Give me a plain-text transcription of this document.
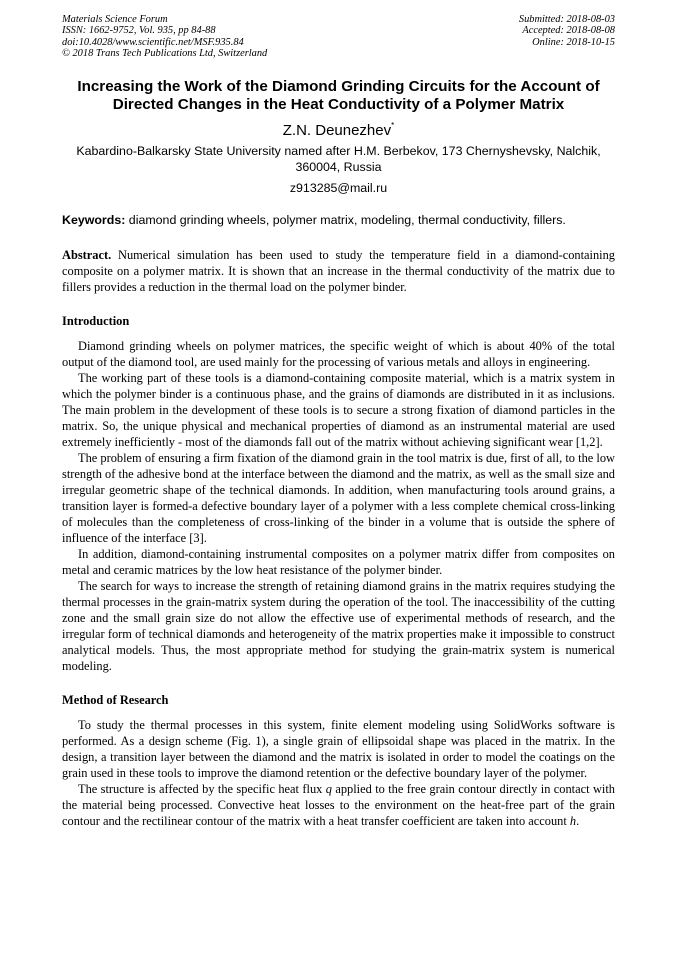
Materials Science Forum
ISSN: 1662-9752, Vol. 935, pp 84-88
doi:10.4028/www.scientific.net/MSF.935.84
© 2018 Trans Tech Publications Ltd, Switzerland
Submitted: 2018-08-03
Accepted: 2018-08-08
Online: 2018-10-15
Increasing the Work of the Diamond Grinding Circuits for the Account of Directed Changes in the Heat Conductivity of a Polymer Matrix
Z.N. Deunezhev*
Kabardino-Balkarsky State University named after H.M. Berbekov, 173 Chernyshevsky, Nalchik, 360004, Russia
z913285@mail.ru
Keywords: diamond grinding wheels, polymer matrix, modeling, thermal conductivity, fillers.
Abstract. Numerical simulation has been used to study the temperature field in a diamond-containing composite on a polymer matrix. It is shown that an increase in the thermal conductivity of the matrix due to fillers provides a reduction in the thermal load on the polymer binder.
Introduction

Diamond grinding wheels on polymer matrices, the specific weight of which is about 40% of the total output of the diamond tool, are used mainly for the processing of various metals and alloys in engineering.

The working part of these tools is a diamond-containing composite material, which is a matrix system in which the polymer binder is a continuous phase, and the grains of diamonds are distributed in it as inclusions. The main problem in the development of these tools is to secure a strong fixation of diamond particles in the matrix. So, the unique physical and mechanical properties of diamond as an instrumental material are used extremely inefficiently - most of the diamonds fall out of the matrix without achieving significant wear [1,2].

The problem of ensuring a firm fixation of the diamond grain in the tool matrix is due, first of all, to the low strength of the adhesive bond at the interface between the diamond and the matrix, as well as the small size and irregular geometric shape of the technical diamonds. In addition, when manufacturing tools around grains, a transition layer is formed-a defective boundary layer of a polymer with a less complete chemical cross-linking of molecules than the completeness of cross-linking of the binder in a volume that is outside the sphere of influence of the interface [3].

In addition, diamond-containing instrumental composites on a polymer matrix differ from composites on metal and ceramic matrices by the low heat resistance of the polymer binder.

The search for ways to increase the strength of retaining diamond grains in the matrix requires studying the thermal processes in the grain-matrix system during the operation of the tool. The inaccessibility of the cutting zone and the small grain size do not allow the effective use of experimental methods of research, and the irregular form of technical diamonds and heterogeneity of the matrix properties make it impossible to construct analytical models. Thus, the most appropriate method for studying the grain-matrix system is numerical modeling.

Method of Research

To study the thermal processes in this system, finite element modeling using SolidWorks software is performed. As a design scheme (Fig. 1), a single grain of ellipsoidal shape was placed in the matrix. In the design, a transition layer between the diamond and the matrix is isolated in order to model the coatings on the grain used in these tools to improve the diamond retention or the defective boundary layer of the polymer.

The structure is affected by the specific heat flux q applied to the free grain contour directly in contact with the material being processed. Convective heat losses to the environment on the heat-free part of the grain contour and the rectilinear contour of the matrix with a heat transfer coefficient are taken into account h.
